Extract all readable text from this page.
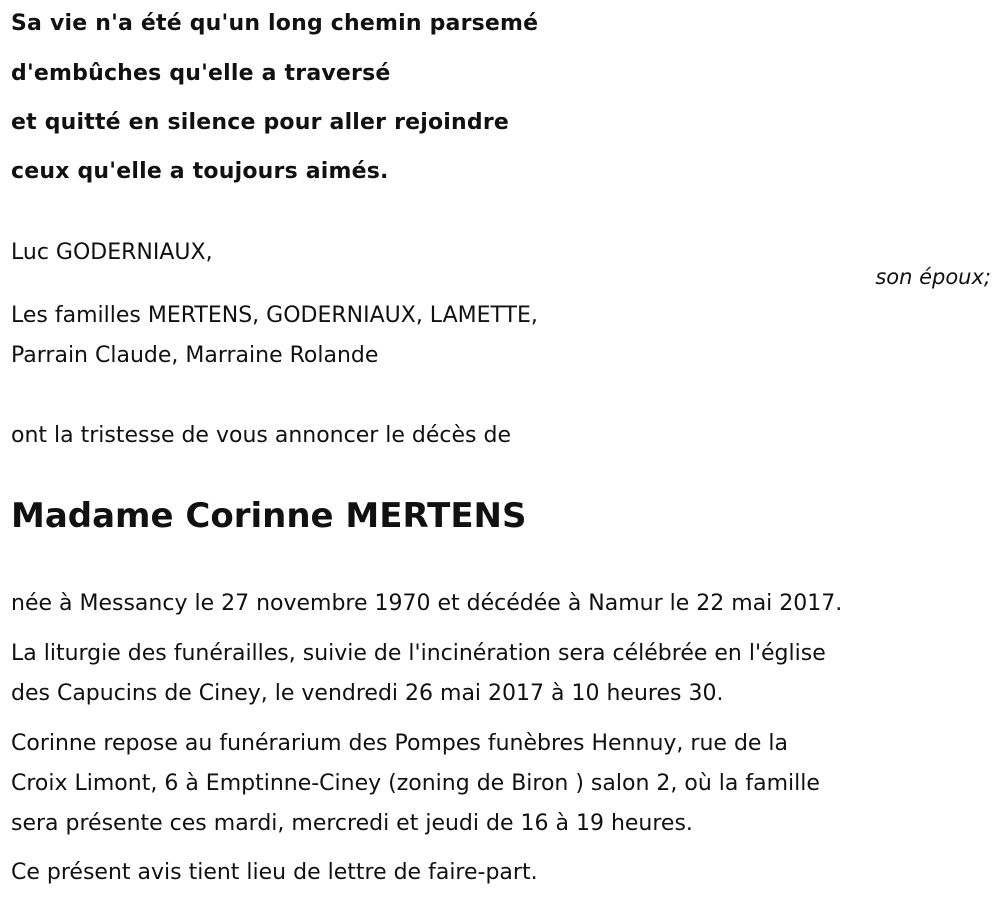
Sa vie n'a été qu'un long chemin parsemé
d'embûches qu'elle a traversé
et quitté en silence pour aller rejoindre
ceux qu'elle a toujours aimés.
Luc GODERNIAUX,
son époux;
Les familles MERTENS, GODERNIAUX, LAMETTE,
Parrain Claude, Marraine Rolande
ont la tristesse de vous annoncer le décès de
Madame Corinne MERTENS
née à Messancy le 27 novembre 1970 et décédée à Namur le 22 mai 2017.
La liturgie des funérailles, suivie de l'incinération sera célébrée en l'église
des Capucins de Ciney, le vendredi 26 mai 2017 à 10 heures 30.
Corinne repose au funérarium des Pompes funèbres Hennuy, rue de la
Croix Limont, 6 à Emptinne-Ciney (zoning de Biron ) salon 2, où la famille
sera présente ces mardi, mercredi et jeudi de 16 à 19 heures.
Ce présent avis tient lieu de lettre de faire-part.
